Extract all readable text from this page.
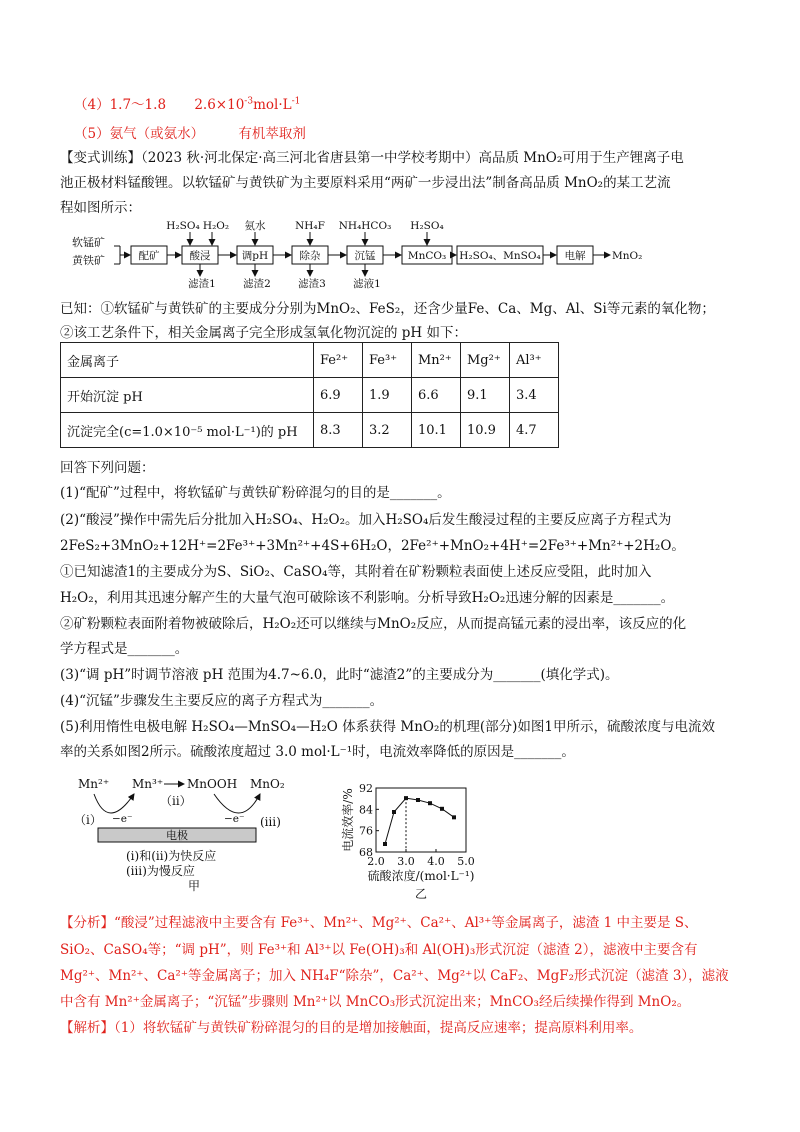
（4）1.7～1.8 $2.6\times 10^{-3}mol\cdot L^{-1}$
（5）氨气（或氨水）	有机萃取剂
【变式训练】（2023 秋·河北保定·高三河北省唐县第一中学校考期中）高品质 MnO₂可用于生产锂离子电
池正极材料锰酸锂。以软锰矿与黄铁矿为主要原料采用“两矿一步浸出法”制备高品质 MnO₂的某工艺流
程如图所示：
软锰矿
黄铁矿	配矿	酸浸	调pH	除杂	沉锰	MnCO₃ H₂SO₄、MnSO₄ 电解
H₂SO₄ H₂O₂ 氨水	NH₄F NH₄HCO₃ H₂SO₄
滤渣1	滤渣2	滤渣3	滤液1
MnO₂
已知：①软锰矿与黄铁矿的主要成分分别为MnO₂、FeS₂，还含少量Fe、Ca、Mg、Al、Si等元素的氧化物；
②该工艺条件下，相关金属离子完全形成氢氧化物沉淀的 pH 如下：
金属离子	Fe²⁺	Fe³⁺	Mn²⁺	Mg²⁺	Al³⁺
开始沉淀 pH	6.9	1.9	6.6	9.1	3.4
沉淀完全(c=1.0×10⁻⁵ mol·L⁻¹)的 pH	8.3	3.2	10.1	10.9	4.7
回答下列问题：
(1)“配矿”过程中，将软锰矿与黄铁矿粉碎混匀的目的是_______。
(2)“酸浸”操作中需先后分批加入H₂SO₄、H₂O₂。加入H₂SO₄后发生酸浸过程的主要反应离子方程式为
2FeS₂+3MnO₂+12H⁺=2Fe³⁺+3Mn²⁺+4S+6H₂O，2Fe²⁺+MnO₂+4H⁺=2Fe³⁺+Mn²⁺+2H₂O。
①已知滤渣1的主要成分为S、SiO₂、CaSO₄等，其附着在矿粉颗粒表面使上述反应受阻，此时加入
H₂O₂，利用其迅速分解产生的大量气泡可破除该不利影响。分析导致H₂O₂迅速分解的因素是_______。
②矿粉颗粒表面附着物被破除后，H₂O₂还可以继续与MnO₂反应，从而提高锰元素的浸出率，该反应的化
学方程式是_______。
(3)“调 pH”时调节溶液 pH 范围为4.7~6.0，此时“滤渣2”的主要成分为_______(填化学式)。
(4)“沉锰”步骤发生主要反应的离子方程式为_______。
(5)利用惰性电极电解 H₂SO₄—MnSO₄—H₂O 体系获得 MnO₂的机理(部分)如图1甲所示，硫酸浓度与电流效
率的关系如图2所示。硫酸浓度超过 3.0 mol·L⁻¹时，电流效率降低的原因是_______。
Mn²⁺ Mn³⁺ MnOOH MnO₂
（ⅰ）
（ⅱ）
(ⅲ)
−e⁻	−e⁻
电极
(ⅰ)和(ⅱ)为快反应
(ⅲ)为慢反应
甲
68
76
84
92
2.0 3.0 4.0 5.0
电流效率/%
硫酸浓度/(mol·L⁻¹)
乙
【分析】“酸浸”过程滤液中主要含有 Fe³⁺、Mn²⁺、Mg²⁺、Ca²⁺、Al³⁺等金属离子，滤渣 1 中主要是 S、
SiO₂、CaSO₄等；“调 pH”，则 Fe³⁺和 Al³⁺以 Fe(OH)₃和 Al(OH)₃形式沉淀（滤渣 2），滤液中主要含有
Mg²⁺、Mn²⁺、Ca²⁺等金属离子；加入 NH₄F“除杂”，Ca²⁺、Mg²⁺以 CaF₂、MgF₂形式沉淀（滤渣 3），滤液
中含有 Mn²⁺金属离子；“沉锰”步骤则 Mn²⁺以 MnCO₃形式沉淀出来；MnCO₃经后续操作得到 MnO₂。
【解析】（1）将软锰矿与黄铁矿粉碎混匀的目的是增加接触面，提高反应速率；提高原料利用率。
